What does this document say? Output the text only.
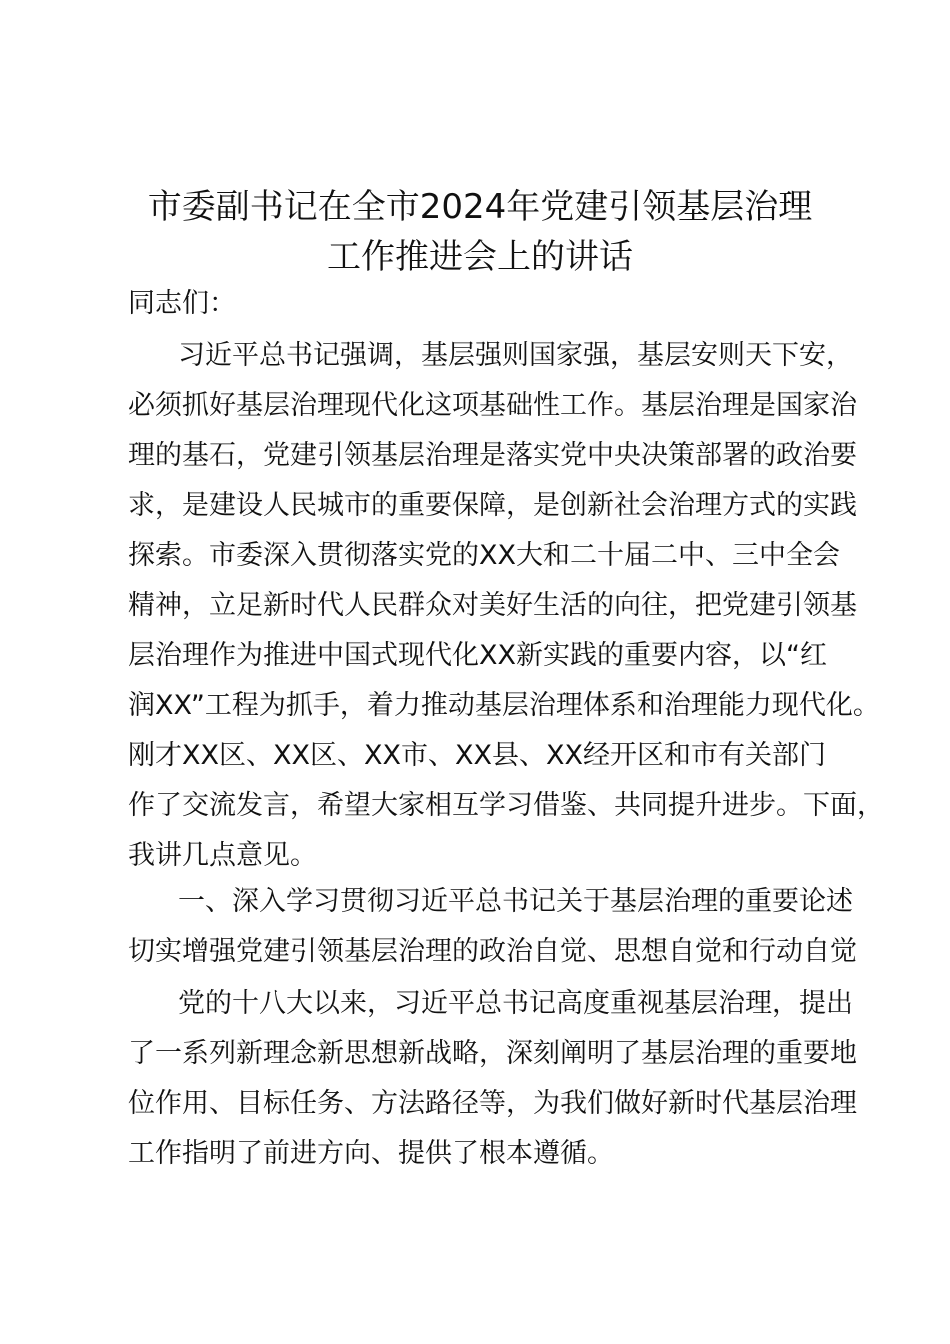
市委副书记在全市2024年党建引领基层治理
工作推进会上的讲话

同志们：

习近平总书记强调，基层强则国家强，基层安则天下安，

必须抓好基层治理现代化这项基础性工作。基层治理是国家治

理的基石，党建引领基层治理是落实党中央决策部署的政治要

求，是建设人民城市的重要保障，是创新社会治理方式的实践

探索。市委深入贯彻落实党的XX大和二十届二中、三中全会

精神，立足新时代人民群众对美好生活的向往，把党建引领基

层治理作为推进中国式现代化XX新实践的重要内容，以“红

润XX”工程为抓手，着力推动基层治理体系和治理能力现代化。

刚才XX区、XX区、XX市、XX县、XX经开区和市有关部门

作了交流发言，希望大家相互学习借鉴、共同提升进步。下面，

我讲几点意见。

一、深入学习贯彻习近平总书记关于基层治理的重要论述

切实增强党建引领基层治理的政治自觉、思想自觉和行动自觉

党的十八大以来，习近平总书记高度重视基层治理，提出

了一系列新理念新思想新战略，深刻阐明了基层治理的重要地

位作用、目标任务、方法路径等，为我们做好新时代基层治理

工作指明了前进方向、提供了根本遵循。
